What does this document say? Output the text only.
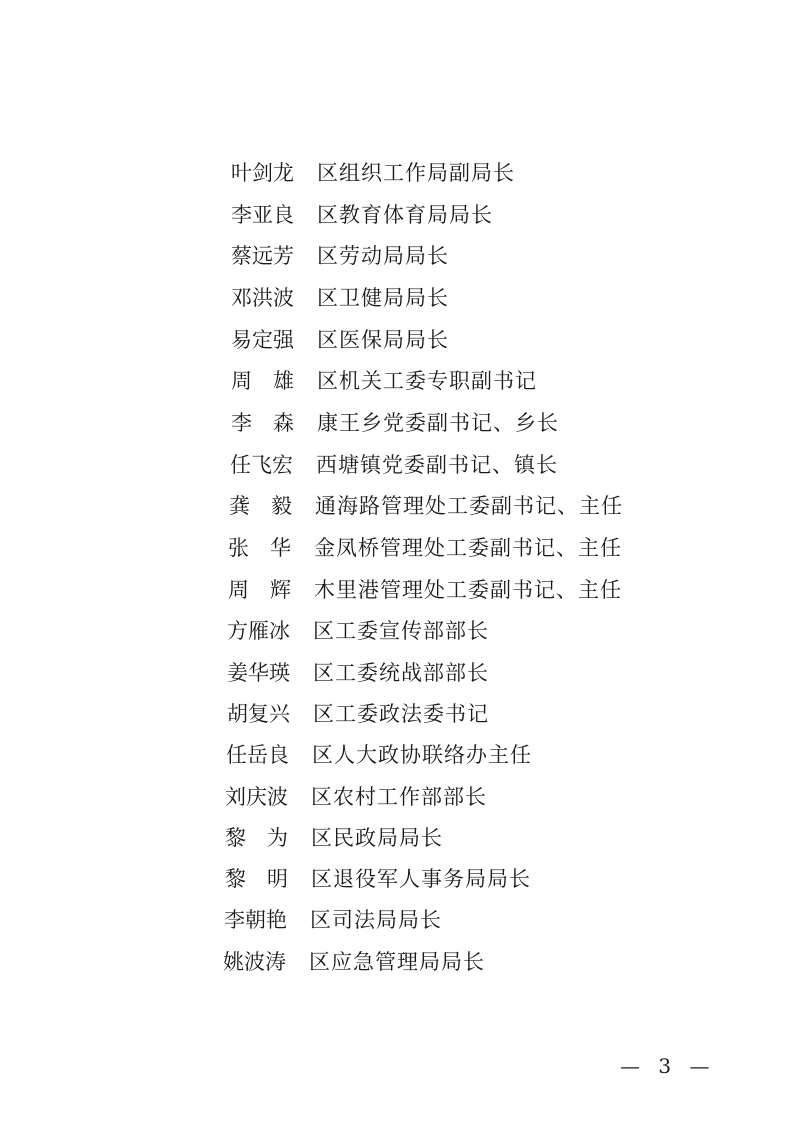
叶剑龙 区组织工作局副局长
李亚良 区教育体育局局长
蔡远芳 区劳动局局长
邓洪波 区卫健局局长
易定强 区医保局局长
周　雄 区机关工委专职副书记
李　森 康王乡党委副书记、乡长
任飞宏 西塘镇党委副书记、镇长
龚　毅 通海路管理处工委副书记、主任
张　华 金凤桥管理处工委副书记、主任
周　辉 木里港管理处工委副书记、主任
方雁冰 区工委宣传部部长
姜华瑛 区工委统战部部长
胡复兴 区工委政法委书记
任岳良 区人大政协联络办主任
刘庆波 区农村工作部部长
黎　为 区民政局局长
黎　明 区退役军人事务局局长
李朝艳 区司法局局长
姚波涛 区应急管理局局长
— 3 —
